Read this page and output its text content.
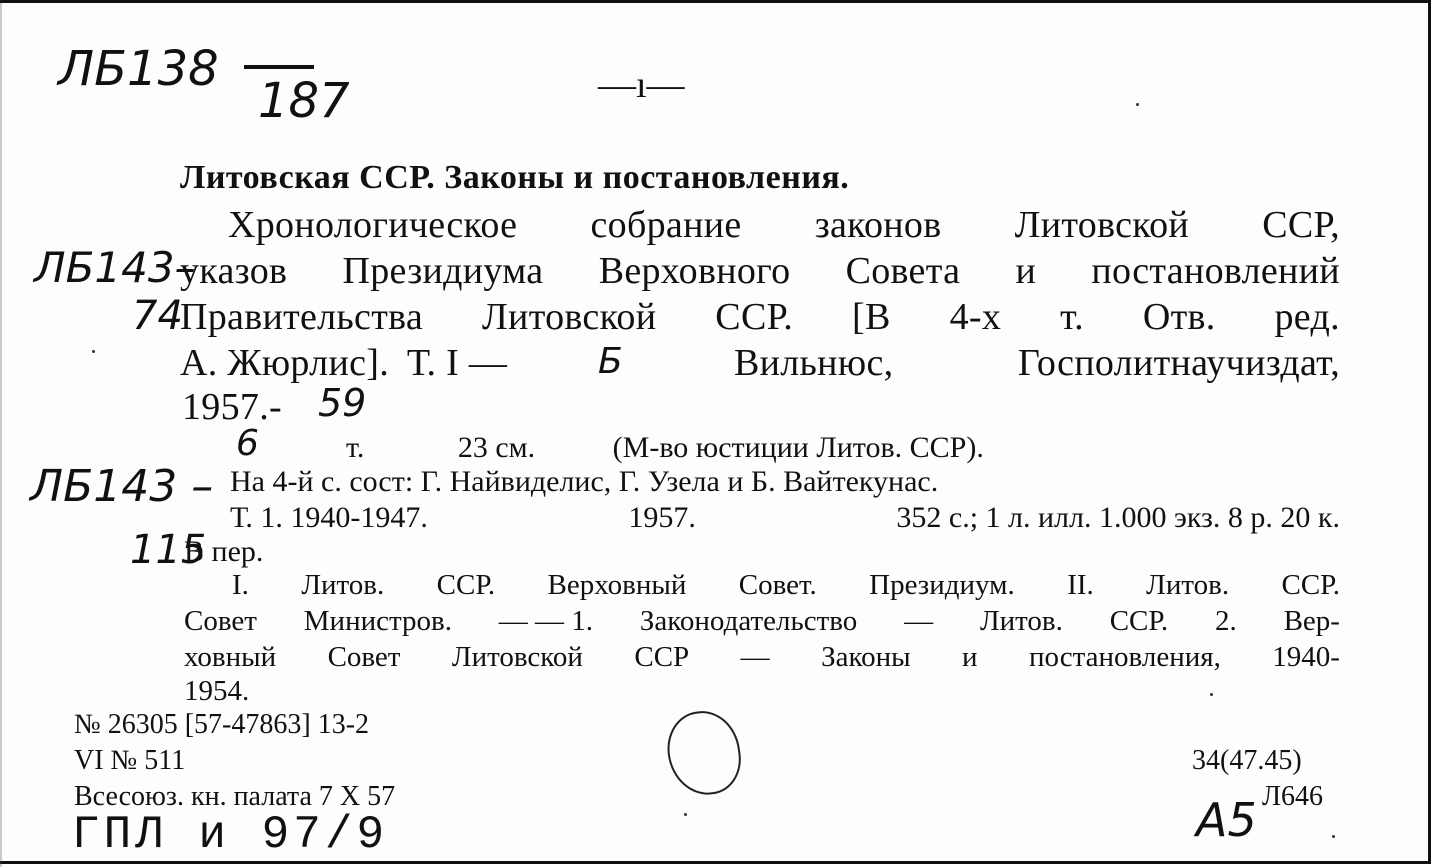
ЛБ138
187	—ı—
Литовская ССР. Законы и постановления.
Хронологическое собрание законов Литовской ССР,
ЛБ143–
указов Президиума Верховного Совета и постановлений
74
Правительства Литовской ССР. [В 4-х т. Отв. ред.
А. Жюрлис]. Т. I —	Б	Вильнюс,	Госполитнаучиздат,
1957.- 59
6	т.	23 см.	(М-во юстиции Литов. ССР).
ЛБ143 – На 4-й с. сост: Г. Найвиделис, Г. Узела и Б. Вайтекунас.
Т. 1. 1940-1947.	1957.	352 с.; 1 л. илл. 1.000 экз. 8 р. 20 к.
115
В пер.
I. Литов. ССР. Верховный Совет. Президиум. II. Литов. ССР.
Совет Министров. — — 1. Законодательство — Литов. ССР. 2. Вер-
ховный Совет Литовской ССР — Законы и постановления, 1940-
1954.
№ 26305 [57-47863] 13-2
VI № 511
Всесоюз. кн. палата 7 X 57
ГПЛ и 97/9
34(47.45)
Л646
А5
